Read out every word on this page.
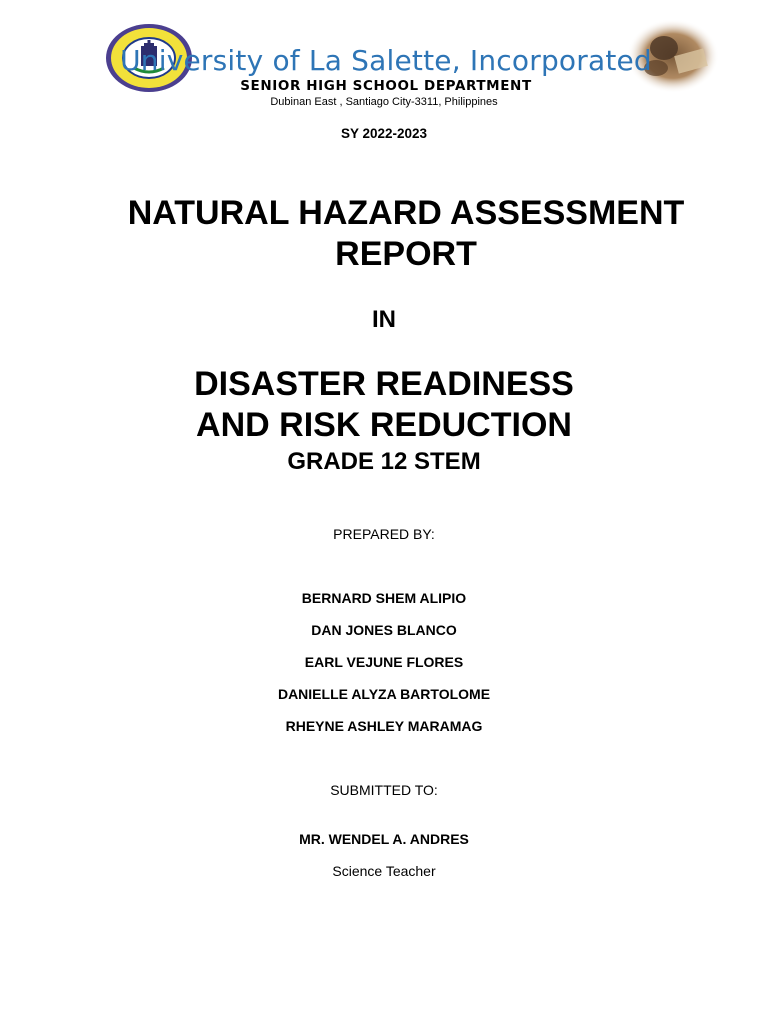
University of La Salette, Incorporated
SENIOR HIGH SCHOOL DEPARTMENT
Dubinan East , Santiago City-3311, Philippines
SY 2022-2023
NATURAL HAZARD ASSESSMENT
REPORT
IN
DISASTER READINESS
AND RISK REDUCTION
GRADE 12 STEM
PREPARED BY:
BERNARD SHEM ALIPIO
DAN JONES BLANCO
EARL VEJUNE FLORES
DANIELLE ALYZA BARTOLOME
RHEYNE ASHLEY MARAMAG
SUBMITTED TO:
MR. WENDEL A. ANDRES
Science Teacher
